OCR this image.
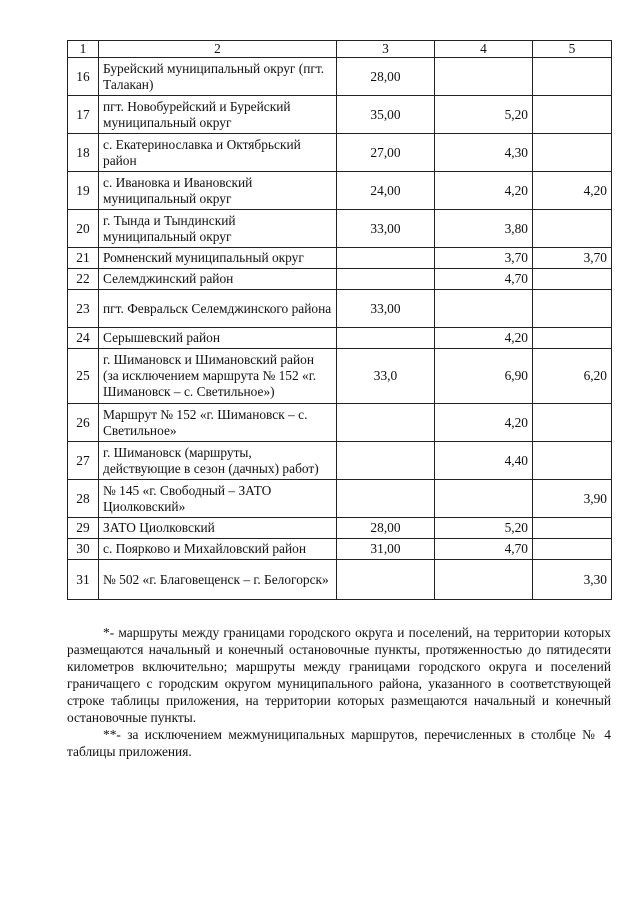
1	2	3	4	5
16	Бурейский муниципальный округ (пгт. Талакан)	28,00		
17	пгт. Новобурейский и Бурейский муниципальный округ	35,00	5,20	
18	с. Екатеринославка и Октябрьский район	27,00	4,30	
19	с. Ивановка и Ивановский муниципальный округ	24,00	4,20	4,20
20	г. Тында и Тындинский муниципальный округ	33,00	3,80	
21	Ромненский муниципальный округ		3,70	3,70
22	Селемджинский район		4,70	
23	пгт. Февральск Селемджинского района	33,00		
24	Серышевский район		4,20	
25	г. Шимановск и Шимановский район (за исключением маршрута № 152 «г. Шимановск – с. Светильное»)	33,0	6,90	6,20
26	Маршрут № 152 «г. Шимановск – с. Светильное»		4,20	
27	г. Шимановск (маршруты, действующие в сезон (дачных) работ)		4,40	
28	№ 145 «г. Свободный – ЗАТО Циолковский»			3,90
29	ЗАТО Циолковский	28,00	5,20	
30	с. Поярково и Михайловский район	31,00	4,70	
31	№ 502 «г. Благовещенск – г. Белогорск»			3,30

*- маршруты между границами городского округа и поселений, на территории которых размещаются начальный и конечный остановочные пункты, протяженностью до пятидесяти километров включительно; маршруты между границами городского округа и поселений граничащего с городским округом муниципального района, указанного в соответствующей строке таблицы приложения, на территории которых размещаются начальный и конечный остановочные пункты.

**- за исключением межмуниципальных маршрутов, перечисленных в столбце № 4 таблицы приложения.
